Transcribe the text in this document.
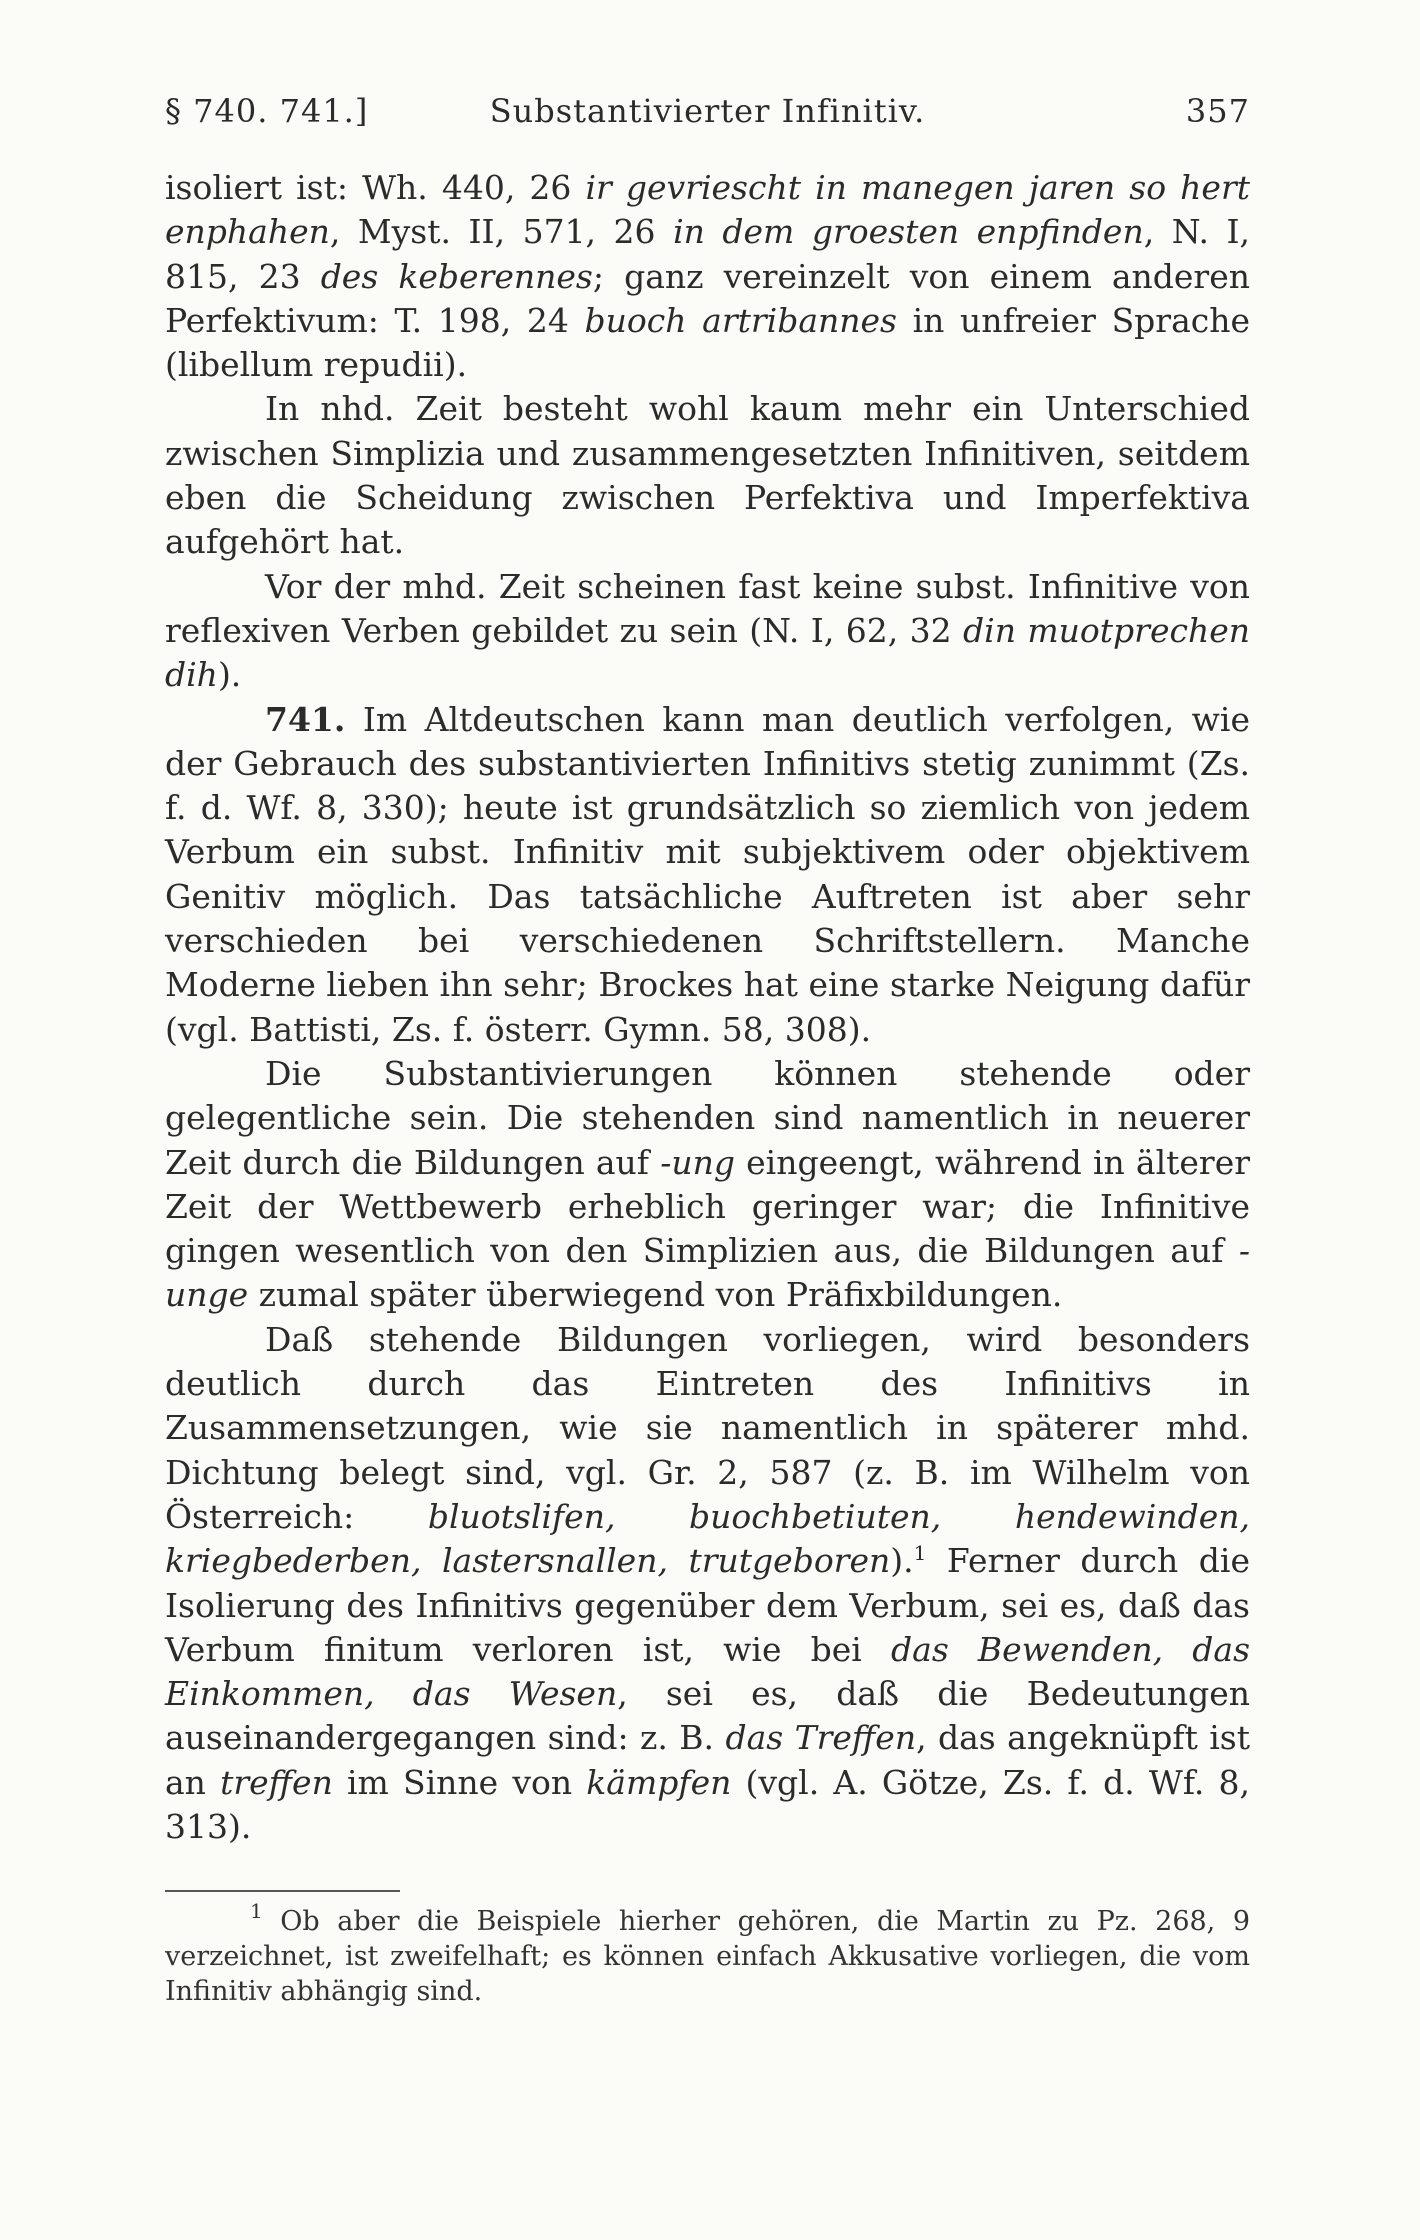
§ 740. 741.]	Substantivierter Infinitiv.	357

isoliert ist: Wh. 440, 26 ir gevriescht in manegen jaren so hert enphahen, Myst. II, 571, 26 in dem groesten enpfinden, N. I, 815, 23 des keberennes; ganz vereinzelt von einem anderen Perfektivum: T. 198, 24 buoch artribannes in unfreier Sprache (libellum repudii).

In nhd. Zeit besteht wohl kaum mehr ein Unterschied zwischen Simplizia und zusammengesetzten Infinitiven, seitdem eben die Scheidung zwischen Perfektiva und Imperfektiva aufgehört hat.

Vor der mhd. Zeit scheinen fast keine subst. Infinitive von reflexiven Verben gebildet zu sein (N. I, 62, 32 din muotprechen dih).

741. Im Altdeutschen kann man deutlich verfolgen, wie der Gebrauch des substantivierten Infinitivs stetig zunimmt (Zs. f. d. Wf. 8, 330); heute ist grundsätzlich so ziemlich von jedem Verbum ein subst. Infinitiv mit subjektivem oder objektivem Genitiv möglich. Das tatsächliche Auftreten ist aber sehr verschieden bei verschiedenen Schriftstellern. Manche Moderne lieben ihn sehr; Brockes hat eine starke Neigung dafür (vgl. Battisti, Zs. f. österr. Gymn. 58, 308).

Die Substantivierungen können stehende oder gelegentliche sein. Die stehenden sind namentlich in neuerer Zeit durch die Bildungen auf -ung eingeengt, während in älterer Zeit der Wettbewerb erheblich geringer war; die Infinitive gingen wesentlich von den Simplizien aus, die Bildungen auf -unge zumal später überwiegend von Präfixbildungen.

Daß stehende Bildungen vorliegen, wird besonders deutlich durch das Eintreten des Infinitivs in Zusammensetzungen, wie sie namentlich in späterer mhd. Dichtung belegt sind, vgl. Gr. 2, 587 (z. B. im Wilhelm von Österreich: bluotslifen, buochbetiuten, hendewinden, kriegbederben, lastersnallen, trutgeboren).$^1$ Ferner durch die Isolierung des Infinitivs gegenüber dem Verbum, sei es, daß das Verbum finitum verloren ist, wie bei das Bewenden, das Einkommen, das Wesen, sei es, daß die Bedeutungen auseinandergegangen sind: z. B. das Treffen, das angeknüpft ist an treffen im Sinne von kämpfen (vgl. A. Götze, Zs. f. d. Wf. 8, 313).

$^1$ Ob aber die Beispiele hierher gehören, die Martin zu Pz. 268, 9 verzeichnet, ist zweifelhaft; es können einfach Akkusative vorliegen, die vom Infinitiv abhängig sind.
